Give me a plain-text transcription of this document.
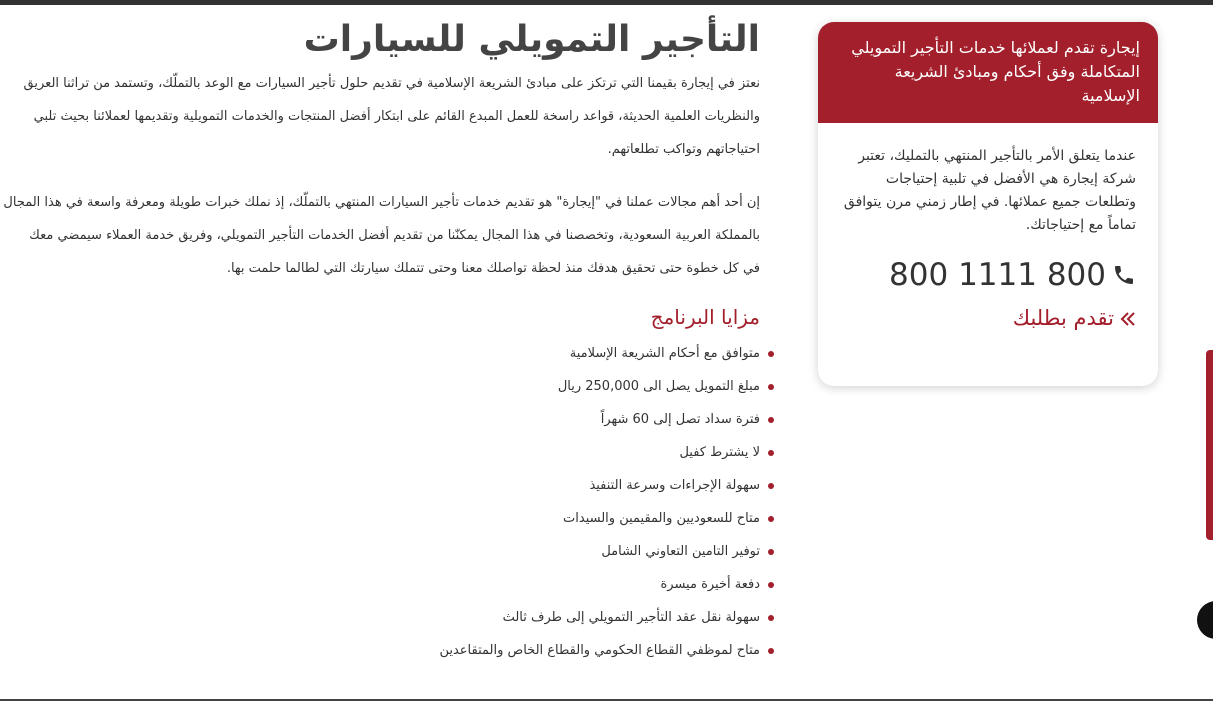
التأجير التمويلي للسيارات
نعتز في إيجارة بقيمنا التي ترتكز على مبادئ الشريعة الإسلامية في تقديم حلول تأجير السيارات مع الوعد بالتملّك، وتستمد من تراثنا العريق
والنظريات العلمية الحديثة، قواعد راسخة للعمل المبدع القائم على ابتكار أفضل المنتجات والخدمات التمويلية وتقديمها لعملائنا بحيث تلبي
احتياجاتهم وتواكب تطلعاتهم.
إن أحد أهم مجالات عملنا في "إيجارة" هو تقديم خدمات تأجير السيارات المنتهي بالتملّك، إذ نملك خبرات طويلة ومعرفة واسعة في هذا المجال
بالمملكة العربية السعودية، وتخصصنا في هذا المجال يمكنّنا من تقديم أفضل الخدمات التأجير التمويلي، وفريق خدمة العملاء سيمضي معك
في كل خطوة حتى تحقيق هدفك منذ لحظة تواصلك معنا وحتى تتملك سيارتك التي لطالما حلمت بها.
مزايا البرنامج
متوافق مع أحكام الشريعة الإسلامية
مبلغ التمويل يصل الى 250,000 ريال
فترة سداد تصل إلى 60 شهراً
لا يشترط كفيل
سهولة الإجراءات وسرعة التنفيذ
متاح للسعوديين والمقيمين والسيدات
توفير التامين التعاوني الشامل
دفعة أخيرة ميسرة
سهولة نقل عقد التأجير التمويلي إلى طرف ثالث
متاح لموظفي القطاع الحكومي والقطاع الخاص والمتقاعدين
إيجارة تقدم لعملائها خدمات التأجير التمويلي المتكاملة وفق أحكام ومبادئ الشريعة الإسلامية
عندما يتعلق الأمر بالتأجير المنتهي بالتمليك، تعتبر شركة إيجارة هي الأفضل في تلبية إحتياجات وتطلعات جميع عملائها. في إطار زمني مرن يتوافق تماماً مع إحتياجاتك.
800 1111 800
تقدم بطلبك
